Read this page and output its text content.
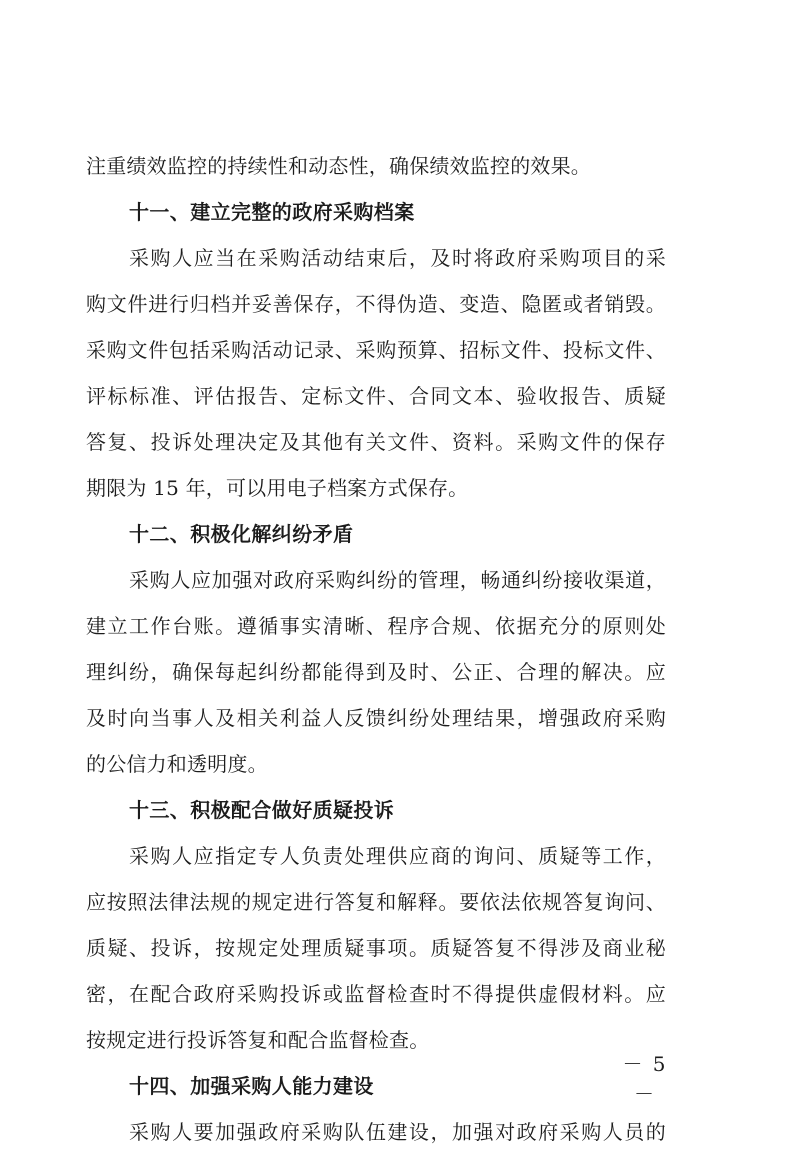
注重绩效监控的持续性和动态性，确保绩效监控的效果。
十一、建立完整的政府采购档案
采购人应当在采购活动结束后，及时将政府采购项目的采
购文件进行归档并妥善保存，不得伪造、变造、隐匿或者销毁。
采购文件包括采购活动记录、采购预算、招标文件、投标文件、
评标标准、评估报告、定标文件、合同文本、验收报告、质疑
答复、投诉处理决定及其他有关文件、资料。采购文件的保存
期限为 15 年，可以用电子档案方式保存。
十二、积极化解纠纷矛盾
采购人应加强对政府采购纠纷的管理，畅通纠纷接收渠道，
建立工作台账。遵循事实清晰、程序合规、依据充分的原则处
理纠纷，确保每起纠纷都能得到及时、公正、合理的解决。应
及时向当事人及相关利益人反馈纠纷处理结果，增强政府采购
的公信力和透明度。
十三、积极配合做好质疑投诉
采购人应指定专人负责处理供应商的询问、质疑等工作，
应按照法律法规的规定进行答复和解释。要依法依规答复询问、
质疑、投诉，按规定处理质疑事项。质疑答复不得涉及商业秘
密，在配合政府采购投诉或监督检查时不得提供虚假材料。应
按规定进行投诉答复和配合监督检查。
十四、加强采购人能力建设
采购人要加强政府采购队伍建设，加强对政府采购人员的
－ 5 －
